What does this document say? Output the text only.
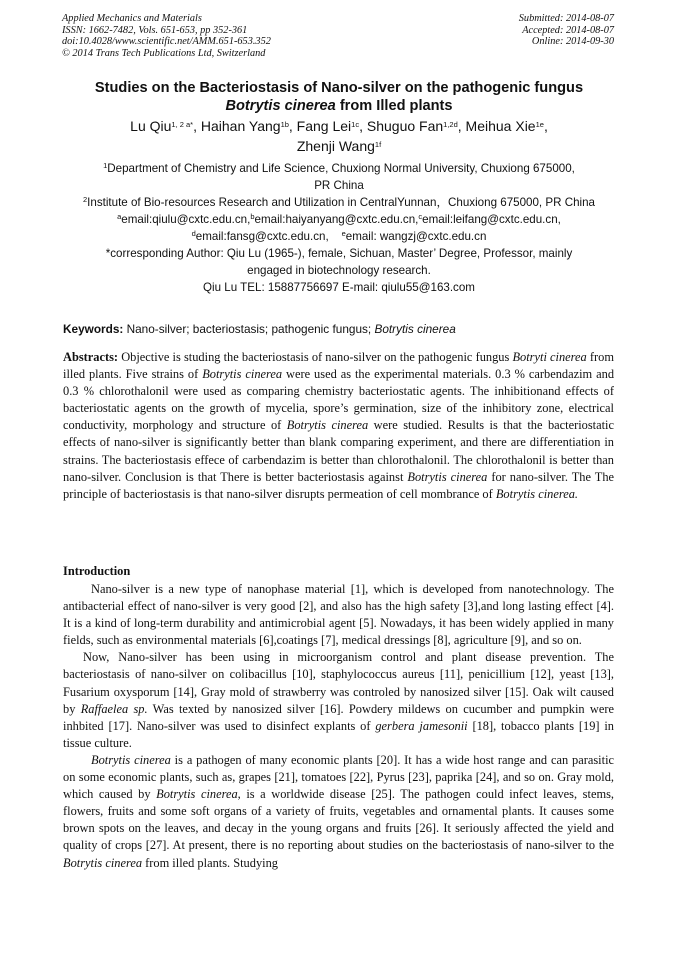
Applied Mechanics and Materials
ISSN: 1662-7482, Vols. 651-653, pp 352-361
doi:10.4028/www.scientific.net/AMM.651-653.352
© 2014 Trans Tech Publications Ltd, Switzerland
Submitted: 2014-08-07
Accepted: 2014-08-07
Online: 2014-09-30
Studies on the Bacteriostasis of Nano-silver on the pathogenic fungus
Botrytis cinerea from Illed plants
Lu Qiu$^{1, 2 a*}$, Haihan Yang$^{1b}$, Fang Lei$^{1c}$, Shuguo Fan$^{1,2d}$, Meihua Xie$^{1e}$,
Zhenji Wang$^{1f}$
$^1$Department of Chemistry and Life Science, Chuxiong Normal University, Chuxiong 675000,
PR China
$^2$Institute of Bio-resources Research and Utilization in CentralYunnan，Chuxiong 675000, PR China
$^a$email:qiulu@cxtc.edu.cn,$^b$email:haiyanyang@cxtc.edu.cn,$^c$email:leifang@cxtc.edu.cn,
$^d$email:fansg@cxtc.edu.cn, $^e$email: wangzj@cxtc.edu.cn
*corresponding Author: Qiu Lu (1965-), female, Sichuan, Master’ Degree, Professor, mainly
engaged in biotechnology research.
Qiu Lu TEL: 15887756697 E-mail: qiulu55@163.com
Keywords: Nano-silver; bacteriostasis; pathogenic fungus; Botrytis cinerea
Abstracts: Objective is studing the bacteriostasis of nano-silver on the pathogenic fungus Botryti cinerea from illed plants. Five strains of Botrytis cinerea were used as the experimental materials. 0.3 % carbendazim and 0.3 % chlorothalonil were used as comparing chemistry bacteriostatic agents. The inhibitionand effects of bacteriostatic agents on the growth of mycelia, spore’s germination, size of the inhibitory zone, electrical conductivity, morphology and structure of Botrytis cinerea were studied. Results is that the bacteriostatic effects of nano-silver is significantly better than blank comparing experiment, and there are differentiation in strains. The bacteriostasis effece of carbendazim is better than chlorothalonil. The chlorothalonil is better than nano-silver. Conclusion is that There is better bacteriostasis against Botrytis cinerea for nano-silver. The The principle of bacteriostasis is that nano-silver disrupts permeation of cell mombrance of Botrytis cinerea.
Introduction

Nano-silver is a new type of nanophase material [1], which is developed from nanotechnology. The antibacterial effect of nano-silver is very good [2], and also has the high safety [3],and long lasting effect [4]. It is a kind of long-term durability and antimicrobial agent [5]. Nowadays, it has been widely applied in many fields, such as environmental materials [6],coatings [7], medical dressings [8], agriculture [9], and so on.

Now, Nano-silver has been using in microorganism control and plant disease prevention. The bacteriostasis of nano-silver on colibacillus [10], staphylococcus aureus [11], penicillium [12], yeast [13], Fusarium oxysporum [14], Gray mold of strawberry was controled by nanosized silver [15]. Oak wilt caused by Raffaelea sp. Was texted by nanosized silver [16]. Powdery mildews on cucumber and pumpkin were inhbited [17]. Nano-silver was used to disinfect explants of gerbera jamesonii [18], tobacco plants [19] in tissue culture.

Botrytis cinerea is a pathogen of many economic plants [20]. It has a wide host range and can parasitic on some economic plants, such as, grapes [21], tomatoes [22], Pyrus [23], paprika [24], and so on. Gray mold, which caused by Botrytis cinerea, is a worldwide disease [25]. The pathogen could infect leaves, stems, flowers, fruits and some soft organs of a variety of fruits, vegetables and ornamental plants. It causes some brown spots on the leaves, and decay in the young organs and fruits [26]. It seriously affected the yield and quality of crops [27]. At present, there is no reporting about studies on the bacteriostasis of nano-silver to the Botrytis cinerea from illed plants. Studying
